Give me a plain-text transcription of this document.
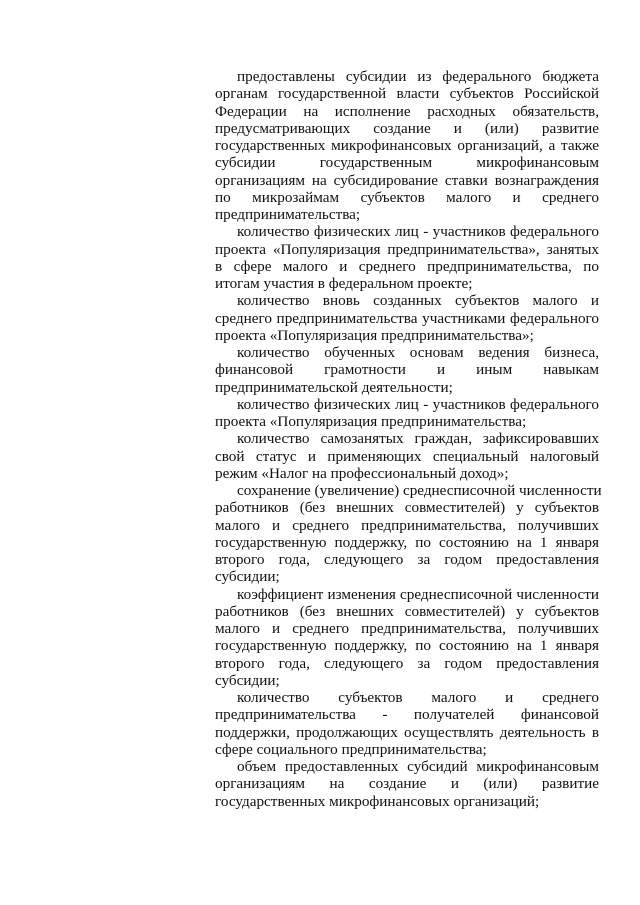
предоставлены субсидии из федерального бюджета
органам государственной власти субъектов Российской
Федерации на исполнение расходных обязательств,
предусматривающих создание и (или) развитие
государственных микрофинансовых организаций, а также
субсидии государственным микрофинансовым
организациям на субсидирование ставки вознаграждения
по микрозаймам субъектов малого и среднего
предпринимательства;
количество физических лиц - участников федерального
проекта «Популяризация предпринимательства», занятых
в сфере малого и среднего предпринимательства, по
итогам участия в федеральном проекте;
количество вновь созданных субъектов малого и
среднего предпринимательства участниками федерального
проекта «Популяризация предпринимательства»;
количество обученных основам ведения бизнеса,
финансовой грамотности и иным навыкам
предпринимательской деятельности;
количество физических лиц - участников федерального
проекта «Популяризация предпринимательства;
количество самозанятых граждан, зафиксировавших
свой статус и применяющих специальный налоговый
режим «Налог на профессиональный доход»;
сохранение (увеличение) среднесписочной численности
работников (без внешних совместителей) у субъектов
малого и среднего предпринимательства, получивших
государственную поддержку, по состоянию на 1 января
второго года, следующего за годом предоставления
субсидии;
коэффициент изменения среднесписочной численности
работников (без внешних совместителей) у субъектов
малого и среднего предпринимательства, получивших
государственную поддержку, по состоянию на 1 января
второго года, следующего за годом предоставления
субсидии;
количество субъектов малого и среднего
предпринимательства - получателей финансовой
поддержки, продолжающих осуществлять деятельность в
сфере социального предпринимательства;
объем предоставленных субсидий микрофинансовым
организациям на создание и (или) развитие
государственных микрофинансовых организаций;
